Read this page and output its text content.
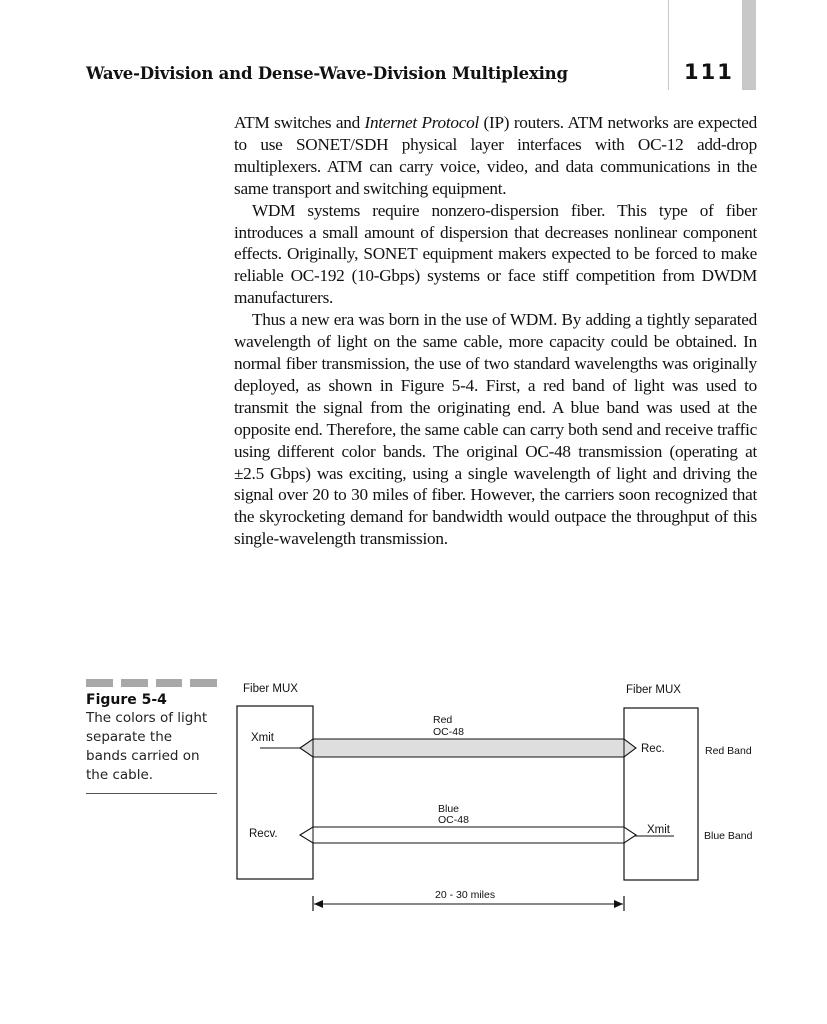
Wave-Division and Dense-Wave-Division Multiplexing	111

ATM switches and Internet Protocol (IP) routers. ATM networks are expected to use SONET/SDH physical layer interfaces with OC-12 add-drop multiplexers. ATM can carry voice, video, and data communications in the same transport and switching equipment.

WDM systems require nonzero-dispersion fiber. This type of fiber introduces a small amount of dispersion that decreases nonlinear component effects. Originally, SONET equipment makers expected to be forced to make reliable OC-192 (10-Gbps) systems or face stiff competition from DWDM manufacturers.

Thus a new era was born in the use of WDM. By adding a tightly separated wavelength of light on the same cable, more capacity could be obtained. In normal fiber transmission, the use of two standard wavelengths was originally deployed, as shown in Figure 5-4. First, a red band of light was used to transmit the signal from the originating end. A blue band was used at the opposite end. Therefore, the same cable can carry both send and receive traffic using different color bands. The original OC-48 transmission (operating at ±2.5 Gbps) was exciting, using a single wavelength of light and driving the signal over 20 to 30 miles of fiber. However, the carriers soon recognized that the skyrocketing demand for bandwidth would outpace the throughput of this single-wavelength transmission.

Figure 5-4
The colors of light separate the bands carried on the cable.
Fiber MUX	Fiber MUX
Xmit
Recv.
Rec.
Xmit
Red
OC-48
Blue
OC-48
Red Band
Blue Band
20 - 30 miles
